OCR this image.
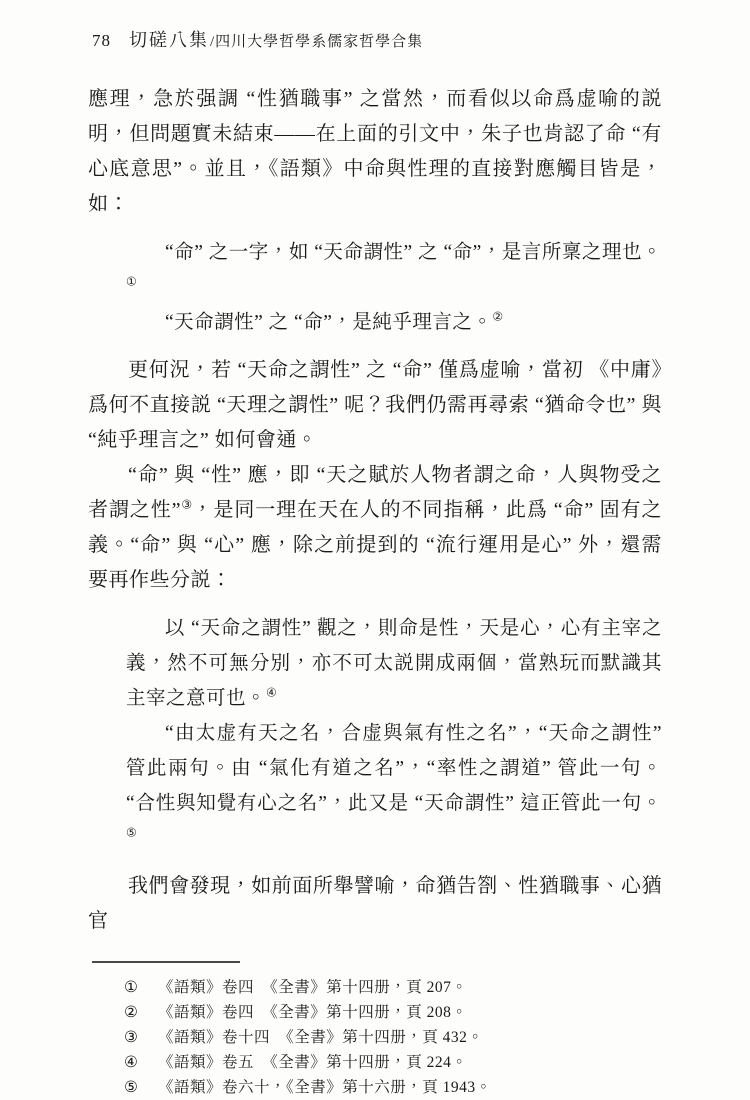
78 切磋八集 / 四川大學哲學系儒家哲學合集
應理，急於强調 “性猶職事” 之當然，而看似以命爲虚喻的説明，但問題實未結束——在上面的引文中，朱子也肯認了命 “有心底意思”。並且，《語類》中命與性理的直接對應觸目皆是，如：
“命” 之一字，如 “天命謂性” 之 “命”，是言所稟之理也。①
“天命謂性” 之 “命”，是純乎理言之。②
更何況，若 “天命之謂性” 之 “命” 僅爲虚喻，當初 《中庸》爲何不直接説 “天理之謂性” 呢？我們仍需再尋索 “猶命令也” 與 “純乎理言之” 如何會通。
“命” 與 “性” 應，即 “天之賦於人物者謂之命，人與物受之者謂之性”③，是同一理在天在人的不同指稱，此爲 “命” 固有之義。“命” 與 “心” 應，除之前提到的 “流行運用是心” 外，還需要再作些分説：
以 “天命之謂性” 觀之，則命是性，天是心，心有主宰之義，然不可無分別，亦不可太説開成兩個，當熟玩而默識其主宰之意可也。④
“由太虚有天之名，合虚與氣有性之名”，“天命之謂性” 管此兩句。由 “氣化有道之名”，“率性之謂道” 管此一句。“合性與知覺有心之名”，此又是 “天命謂性” 這正管此一句。⑤
我們會發現，如前面所舉譬喻，命猶告劄、性猶職事、心猶官
①	《語類》卷四　《全書》第十四册，頁 207。
②	《語類》卷四　《全書》第十四册，頁 208。
③	《語類》卷十四　《全書》第十四册，頁 432。
④	《語類》卷五　《全書》第十四册，頁 224。
⑤	《語類》卷六十，《全書》第十六册，頁 1943。
